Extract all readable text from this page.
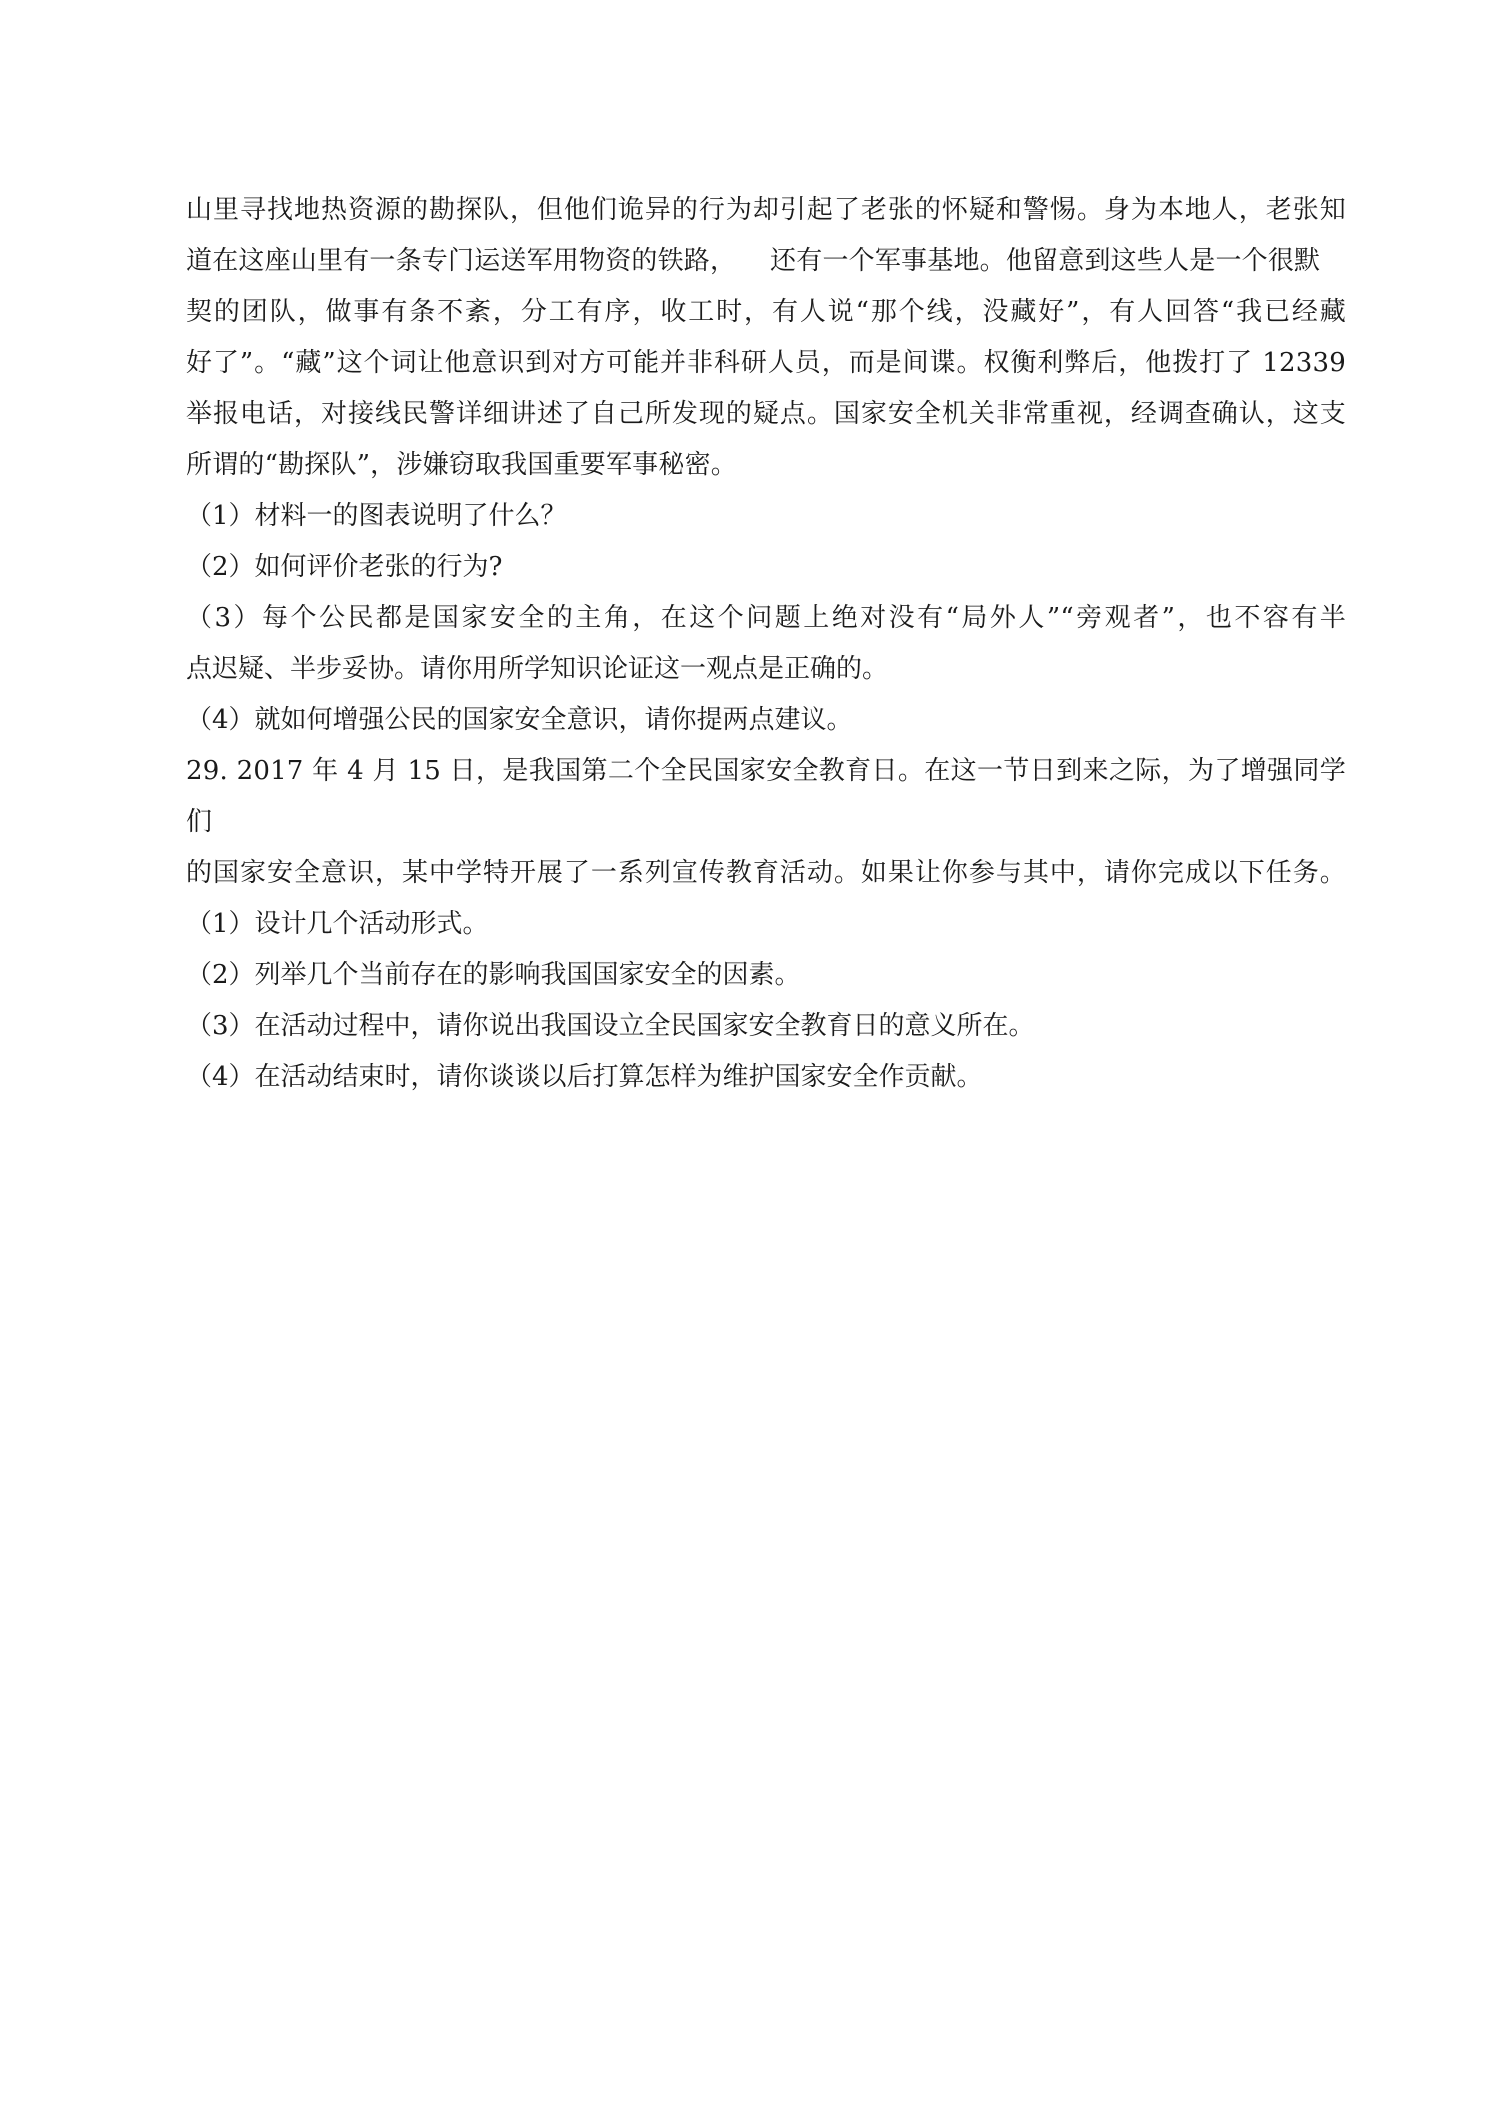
山里寻找地热资源的勘探队，但他们诡异的行为却引起了老张的怀疑和警惕。身为本地人，老张知
道在这座山里有一条专门运送军用物资的铁路，    还有一个军事基地。他留意到这些人是一个很默
契的团队，做事有条不紊，分工有序，收工时，有人说“那个线，没藏好”，有人回答“我已经藏
好了”。“藏”这个词让他意识到对方可能并非科研人员，而是间谍。权衡利弊后，他拨打了 12339
举报电话，对接线民警详细讲述了自己所发现的疑点。国家安全机关非常重视，经调查确认，这支
所谓的“勘探队”，涉嫌窃取我国重要军事秘密。
（1）材料一的图表说明了什么？
（2）如何评价老张的行为?
（3）每个公民都是国家安全的主角，在这个问题上绝对没有“局外人”“旁观者”，也不容有半
点迟疑、半步妥协。请你用所学知识论证这一观点是正确的。
（4）就如何增强公民的国家安全意识，请你提两点建议。
29. 2017 年 4 月 15 日，是我国第二个全民国家安全教育日。在这一节日到来之际，为了增强同学们
的国家安全意识，某中学特开展了一系列宣传教育活动。如果让你参与其中，请你完成以下任务。
（1）设计几个活动形式。
（2）列举几个当前存在的影响我国国家安全的因素。
（3）在活动过程中，请你说出我国设立全民国家安全教育日的意义所在。
（4）在活动结束时，请你谈谈以后打算怎样为维护国家安全作贡献。
